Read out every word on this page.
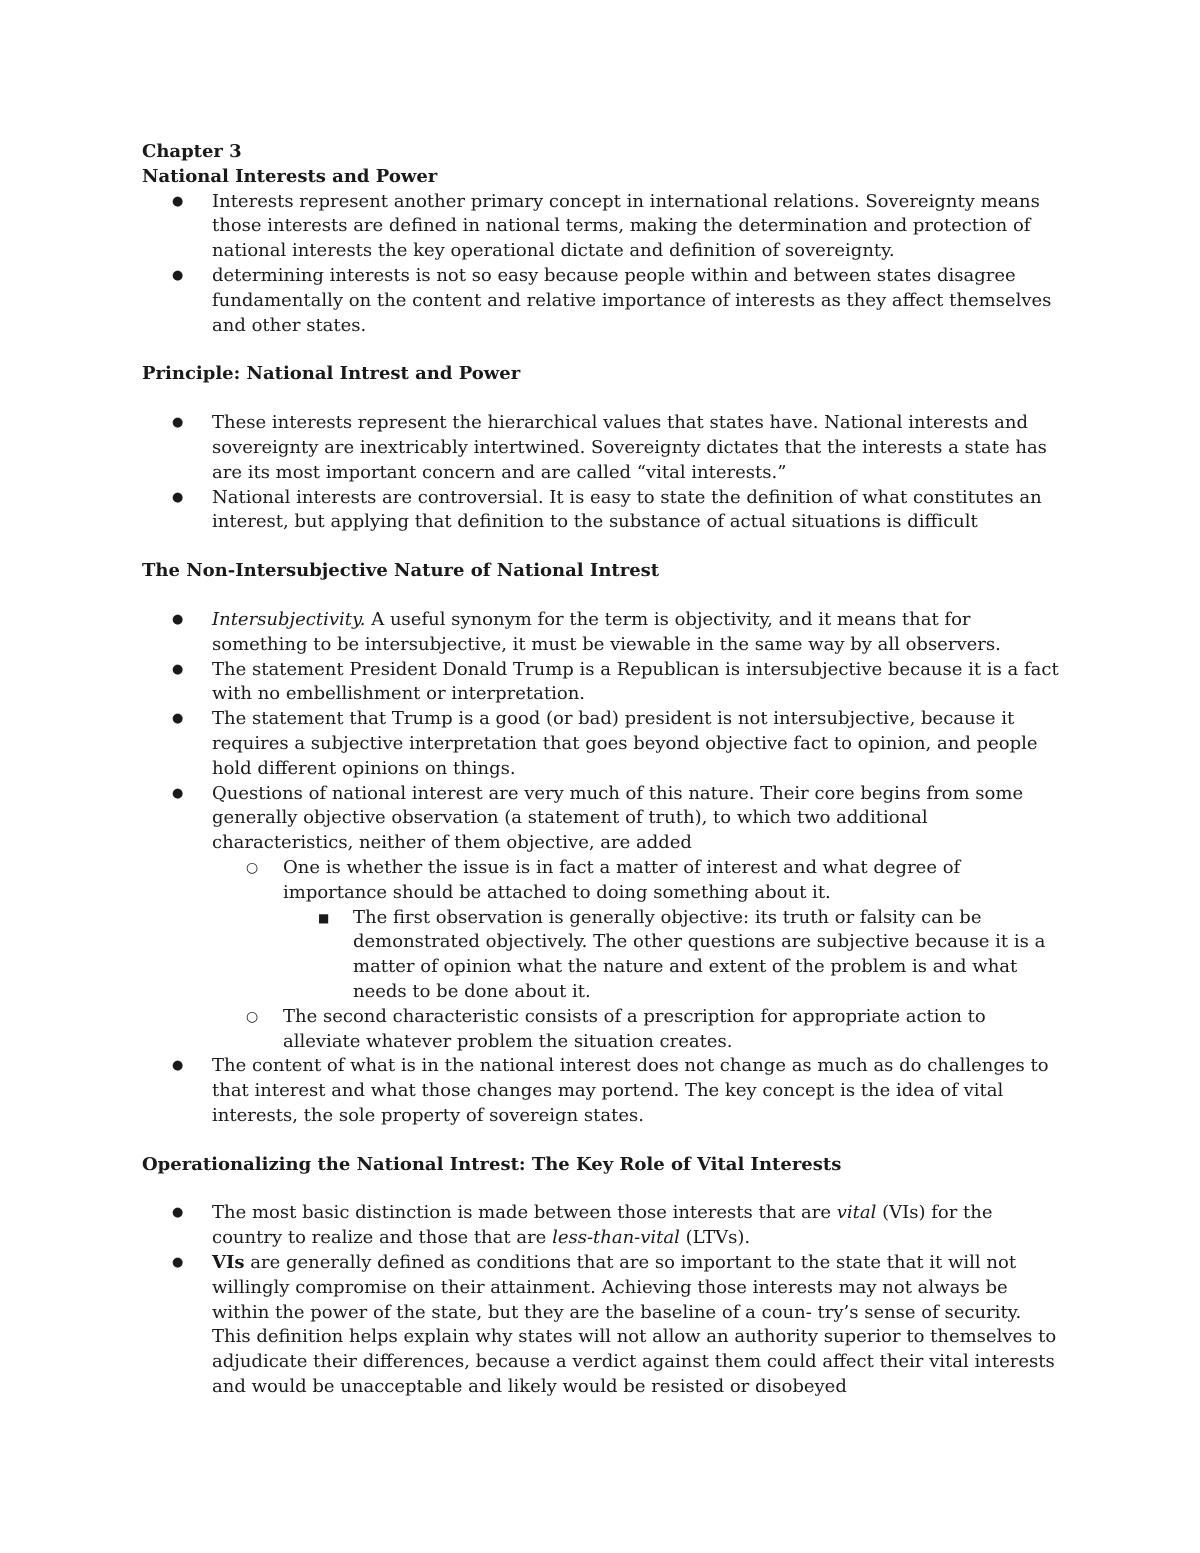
Chapter 3

National Interests and Power

● Interests represent another primary concept in international relations. Sovereignty means those interests are defined in national terms, making the determination and protection of national interests the key operational dictate and definition of sovereignty.
● determining interests is not so easy because people within and between states disagree fundamentally on the content and relative importance of interests as they affect themselves and other states.

Principle: National Intrest and Power

● These interests represent the hierarchical values that states have. National interests and sovereignty are inextricably intertwined. Sovereignty dictates that the interests a state has are its most important concern and are called “vital interests.”
● National interests are controversial. It is easy to state the definition of what constitutes an interest, but applying that definition to the substance of actual situations is difficult

The Non-Intersubjective Nature of National Intrest

● Intersubjectivity. A useful synonym for the term is objectivity, and it means that for something to be intersubjective, it must be viewable in the same way by all observers.
● The statement President Donald Trump is a Republican is intersubjective because it is a fact with no embellishment or interpretation.
● The statement that Trump is a good (or bad) president is not intersubjective, because it requires a subjective interpretation that goes beyond objective fact to opinion, and people hold different opinions on things.
● Questions of national interest are very much of this nature. Their core begins from some generally objective observation (a statement of truth), to which two additional characteristics, neither of them objective, are added
○ One is whether the issue is in fact a matter of interest and what degree of importance should be attached to doing something about it.
■ The first observation is generally objective: its truth or falsity can be demonstrated objectively. The other questions are subjective because it is a matter of opinion what the nature and extent of the problem is and what needs to be done about it.
○ The second characteristic consists of a prescription for appropriate action to alleviate whatever problem the situation creates.
● The content of what is in the national interest does not change as much as do challenges to that interest and what those changes may portend. The key concept is the idea of vital interests, the sole property of sovereign states.

Operationalizing the National Intrest: The Key Role of Vital Interests

● The most basic distinction is made between those interests that are vital (VIs) for the country to realize and those that are less-than-vital (LTVs).
● VIs are generally defined as conditions that are so important to the state that it will not willingly compromise on their attainment. Achieving those interests may not always be within the power of the state, but they are the baseline of a coun- try’s sense of security. This definition helps explain why states will not allow an authority superior to themselves to adjudicate their differences, because a verdict against them could affect their vital interests and would be unacceptable and likely would be resisted or disobeyed
